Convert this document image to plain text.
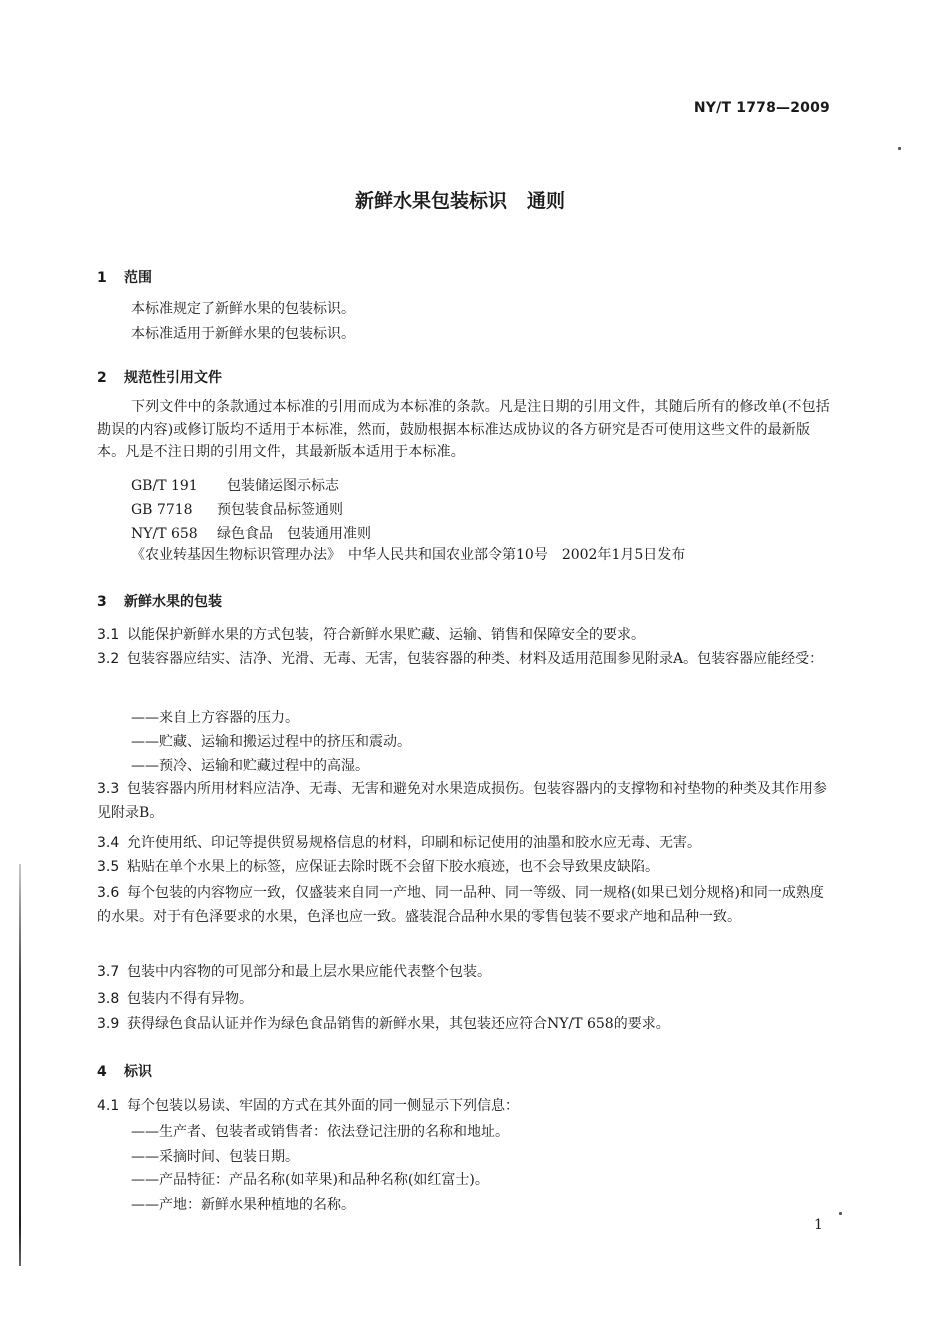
NY/T 1778—2009
新鲜水果包装标识 通则
1 范围
本标准规定了新鲜水果的包装标识。
本标准适用于新鲜水果的包装标识。
2 规范性引用文件
下列文件中的条款通过本标准的引用而成为本标准的条款。凡是注日期的引用文件，其随后所有的修改单(不包括勘误的内容)或修订版均不适用于本标准，然而，鼓励根据本标准达成协议的各方研究是否可使用这些文件的最新版本。凡是不注日期的引用文件，其最新版本适用于本标准。
GB/T 191 包装储运图示标志
GB 7718 预包装食品标签通则
NY/T 658 绿色食品　包装通用准则
《农业转基因生物标识管理办法》　中华人民共和国农业部令第10号　2002年1月5日发布
3 新鲜水果的包装
3.1 以能保护新鲜水果的方式包装，符合新鲜水果贮藏、运输、销售和保障安全的要求。
3.2 包装容器应结实、洁净、光滑、无毒、无害，包装容器的种类、材料及适用范围参见附录A。包装容器应能经受：
——来自上方容器的压力。
——贮藏、运输和搬运过程中的挤压和震动。
——预冷、运输和贮藏过程中的高湿。
3.3 包装容器内所用材料应洁净、无毒、无害和避免对水果造成损伤。包装容器内的支撑物和衬垫物的种类及其作用参见附录B。
3.4 允许使用纸、印记等提供贸易规格信息的材料，印刷和标记使用的油墨和胶水应无毒、无害。
3.5 粘贴在单个水果上的标签，应保证去除时既不会留下胶水痕迹，也不会导致果皮缺陷。
3.6 每个包装的内容物应一致，仅盛装来自同一产地、同一品种、同一等级、同一规格(如果已划分规格)和同一成熟度的水果。对于有色泽要求的水果，色泽也应一致。盛装混合品种水果的零售包装不要求产地和品种一致。
3.7 包装中内容物的可见部分和最上层水果应能代表整个包装。
3.8 包装内不得有异物。
3.9 获得绿色食品认证并作为绿色食品销售的新鲜水果，其包装还应符合NY/T 658的要求。
4 标识
4.1 每个包装以易读、牢固的方式在其外面的同一侧显示下列信息：
——生产者、包装者或销售者：依法登记注册的名称和地址。
——采摘时间、包装日期。
——产品特征：产品名称(如苹果)和品种名称(如红富士)。
——产地：新鲜水果种植地的名称。
1
